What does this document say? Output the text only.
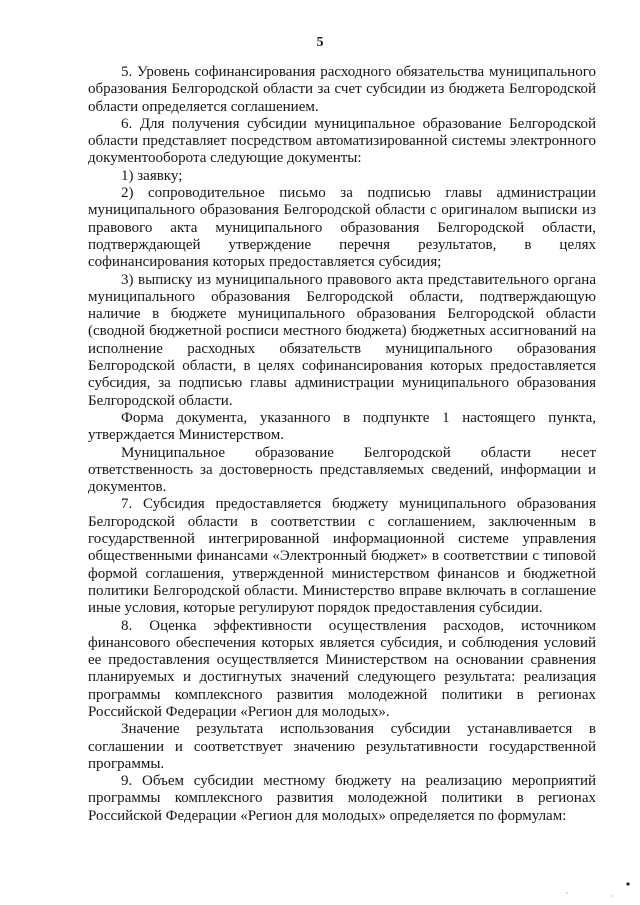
5

5. Уровень софинансирования расходного обязательства муниципального образования Белгородской области за счет субсидии из бюджета Белгородской области определяется соглашением.

6. Для получения субсидии муниципальное образование Белгородской области представляет посредством автоматизированной системы электронного документооборота следующие документы:

1) заявку;

2) сопроводительное письмо за подписью главы администрации муниципального образования Белгородской области с оригиналом выписки из правового акта муниципального образования Белгородской области, подтверждающей утверждение перечня результатов, в целях софинансирования которых предоставляется субсидия;

3) выписку из муниципального правового акта представительного органа муниципального образования Белгородской области, подтверждающую наличие в бюджете муниципального образования Белгородской области (сводной бюджетной росписи местного бюджета) бюджетных ассигнований на исполнение расходных обязательств муниципального образования Белгородской области, в целях софинансирования которых предоставляется субсидия, за подписью главы администрации муниципального образования Белгородской области.

Форма документа, указанного в подпункте 1 настоящего пункта, утверждается Министерством.

Муниципальное образование Белгородской области несет ответственность за достоверность представляемых сведений, информации и документов.

7. Субсидия предоставляется бюджету муниципального образования Белгородской области в соответствии с соглашением, заключенным в государственной интегрированной информационной системе управления общественными финансами «Электронный бюджет» в соответствии с типовой формой соглашения, утвержденной министерством финансов и бюджетной политики Белгородской области. Министерство вправе включать в соглашение иные условия, которые регулируют порядок предоставления субсидии.

8. Оценка эффективности осуществления расходов, источником финансового обеспечения которых является субсидия, и соблюдения условий ее предоставления осуществляется Министерством на основании сравнения планируемых и достигнутых значений следующего результата: реализация программы комплексного развития молодежной политики в регионах Российской Федерации «Регион для молодых».

Значение результата использования субсидии устанавливается в соглашении и соответствует значению результативности государственной программы.

9. Объем субсидии местному бюджету на реализацию мероприятий программы комплексного развития молодежной политики в регионах Российской Федерации «Регион для молодых» определяется по формулам:
